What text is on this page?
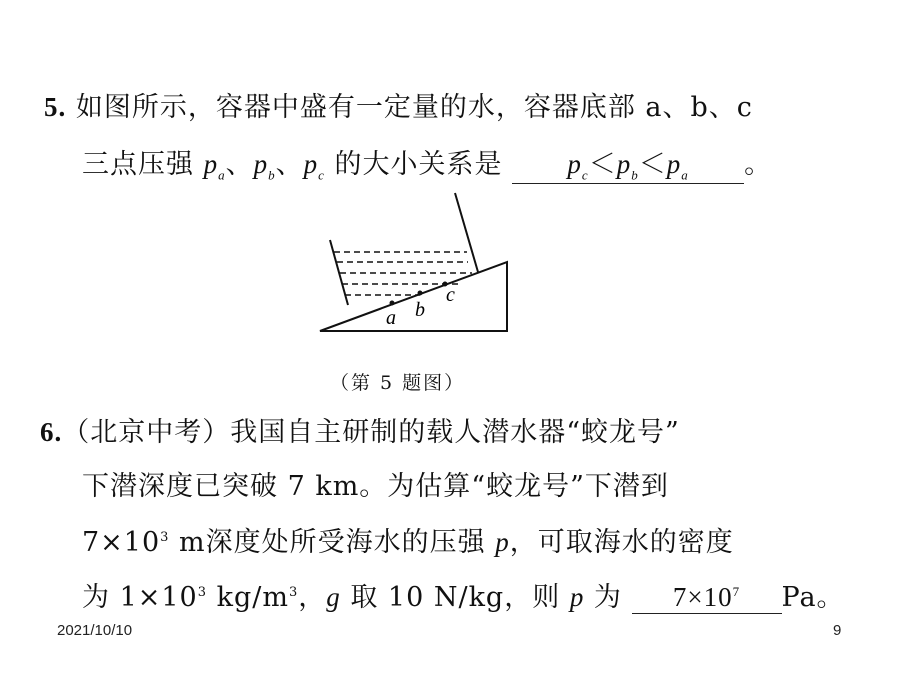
5. 如图所示，容器中盛有一定量的水，容器底部 a、b、c
三点压强 $p_a$、$p_b$、$p_c$ 的大小关系是 $p_c<p_b<p_a$ 。
a b
c
（第 5 题图）
6.（北京中考）我国自主研制的载人潜水器“蛟龙号”
下潜深度已突破 7 km。为估算“蛟龙号”下潜到
$7\times 10^3$ m深度处所受海水的压强 p，可取海水的密度
为 $1\times 10^3$ $kg/m^3$，g 取 10 N/kg，则 p 为 $7\times 10^7$ Pa。
2021/10/10	9
